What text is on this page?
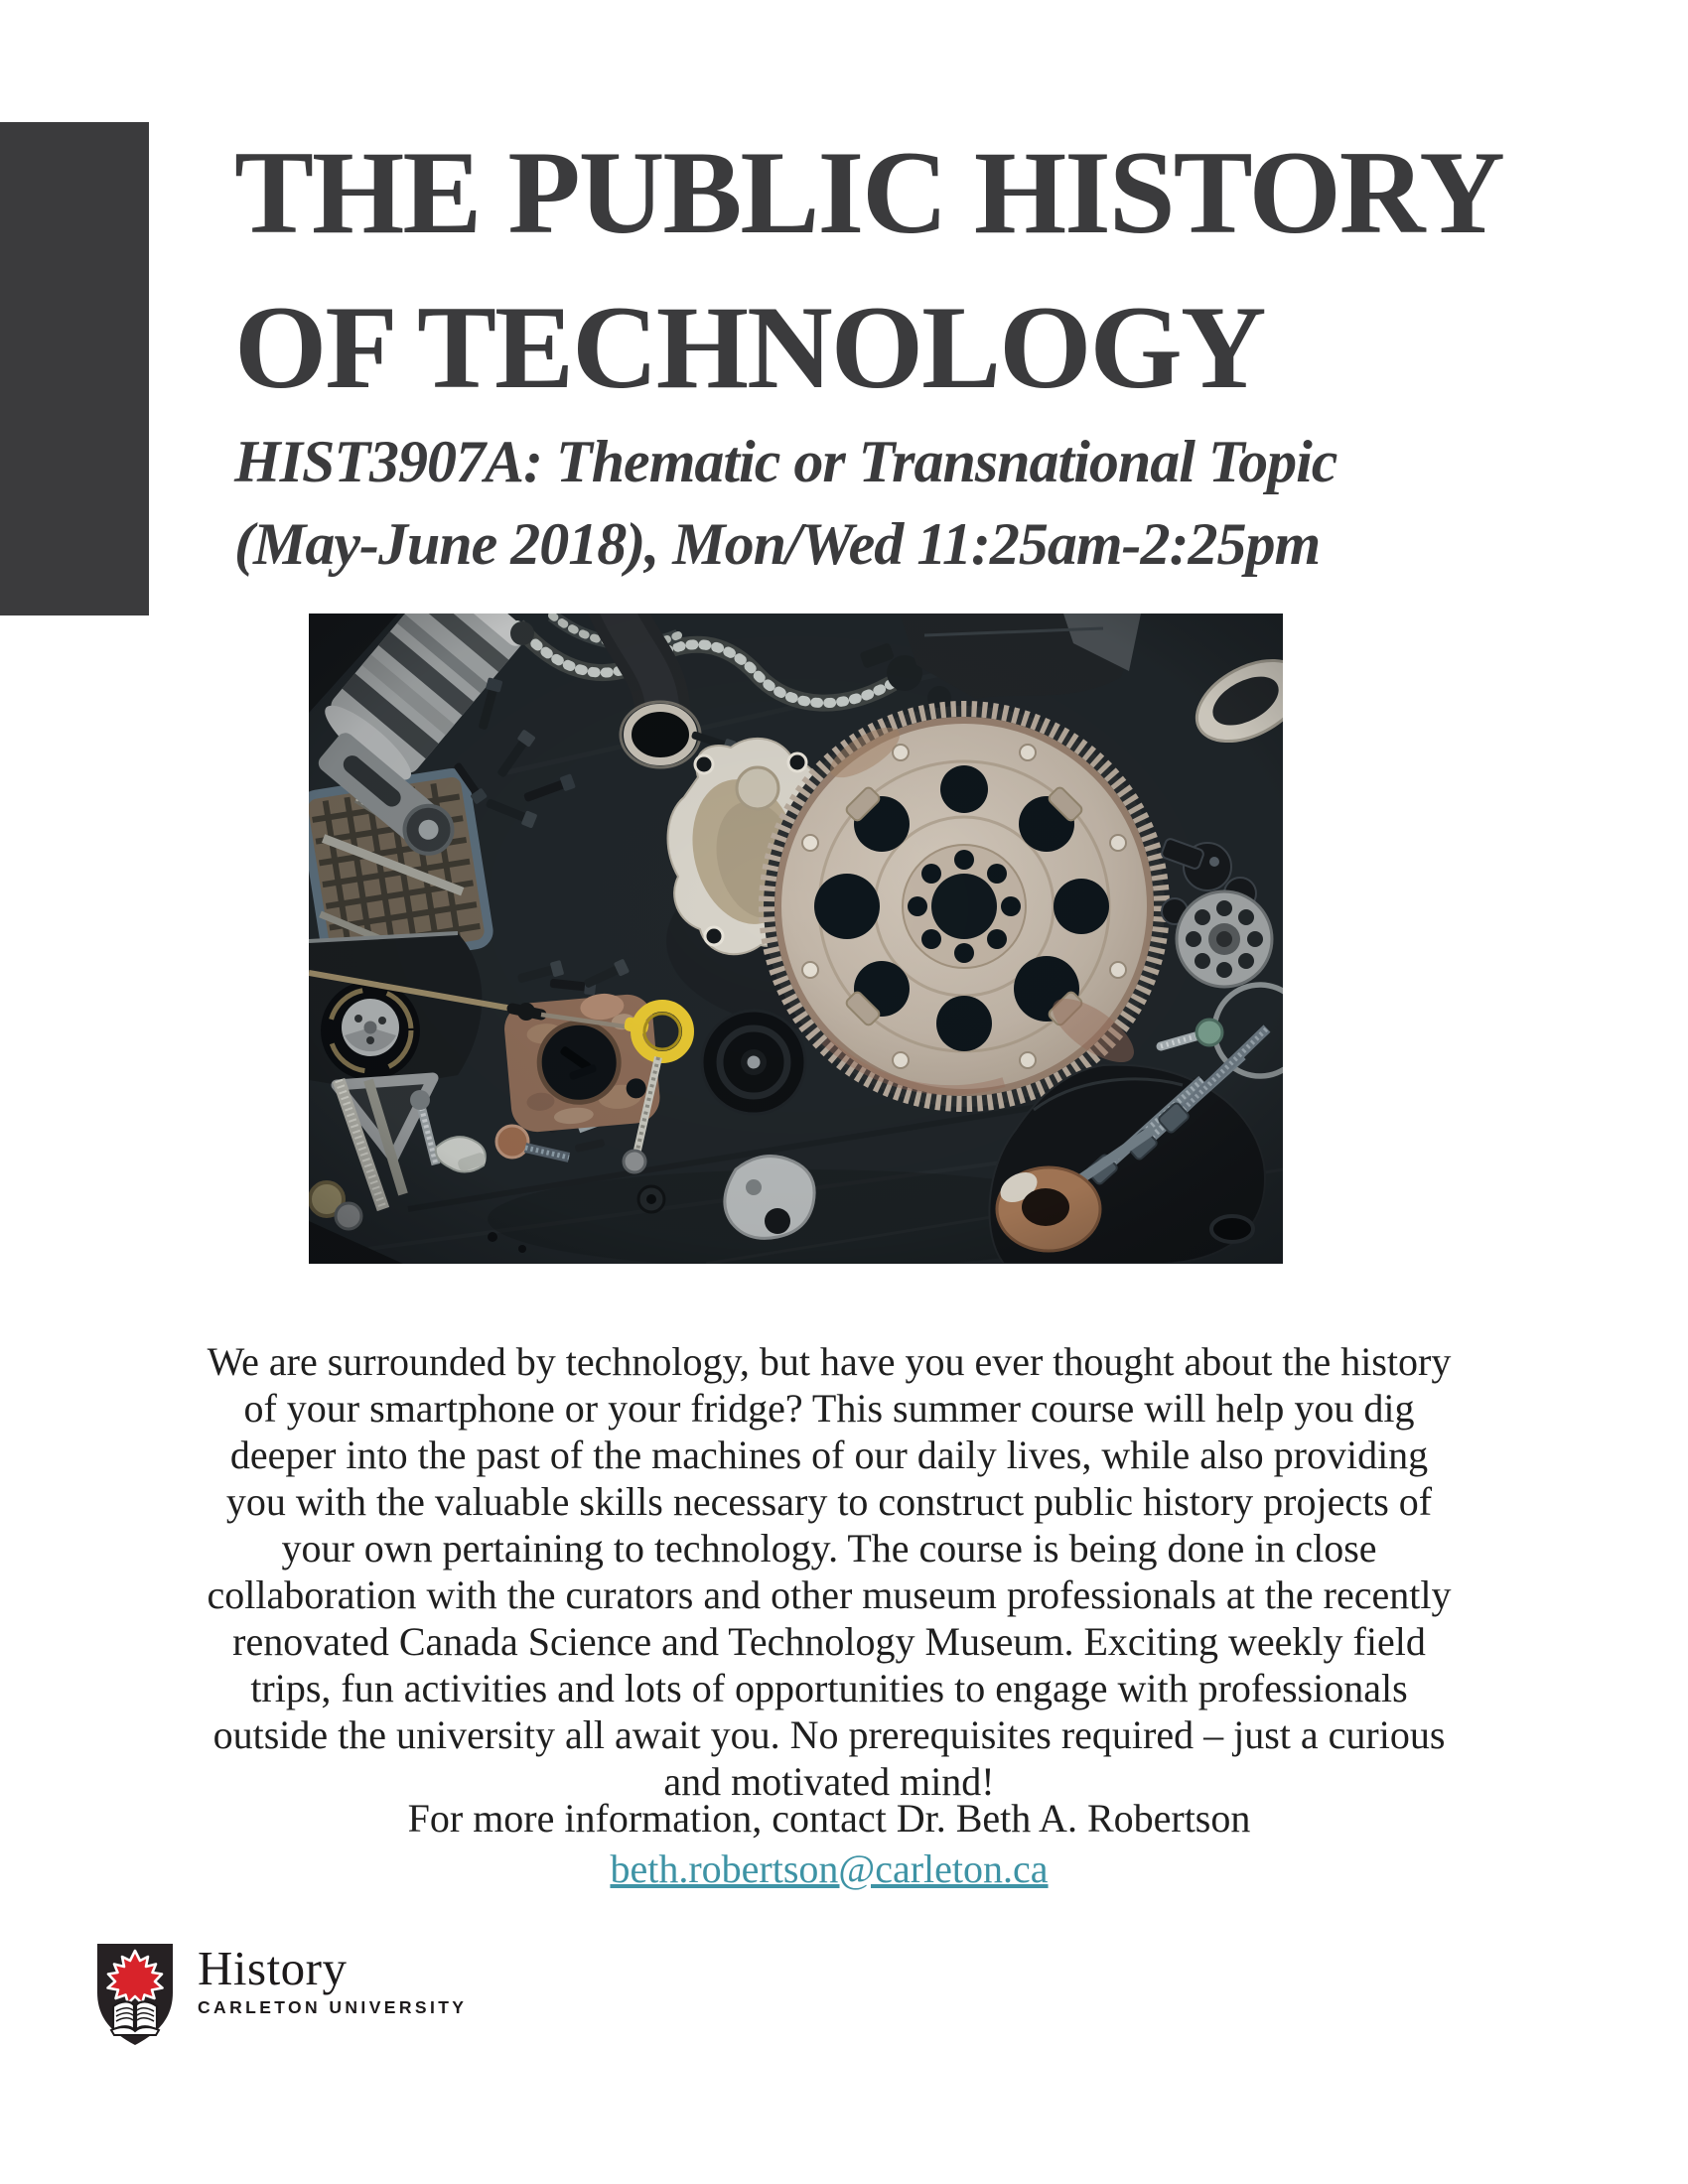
THE PUBLIC HISTORY
OF TECHNOLOGY
HIST3907A: Thematic or Transnational Topic
(May-June 2018), Mon/Wed 11:25am-2:25pm

We are surrounded by technology, but have you ever thought about the history of your smartphone or your fridge? This summer course will help you dig deeper into the past of the machines of our daily lives, while also providing you with the valuable skills necessary to construct public history projects of your own pertaining to technology. The course is being done in close collaboration with the curators and other museum professionals at the recently renovated Canada Science and Technology Museum. Exciting weekly field trips, fun activities and lots of opportunities to engage with professionals outside the university all await you. No prerequisites required – just a curious and motivated mind!

For more information, contact Dr. Beth A. Robertson
beth.robertson@carleton.ca
History
CARLETON UNIVERSITY
